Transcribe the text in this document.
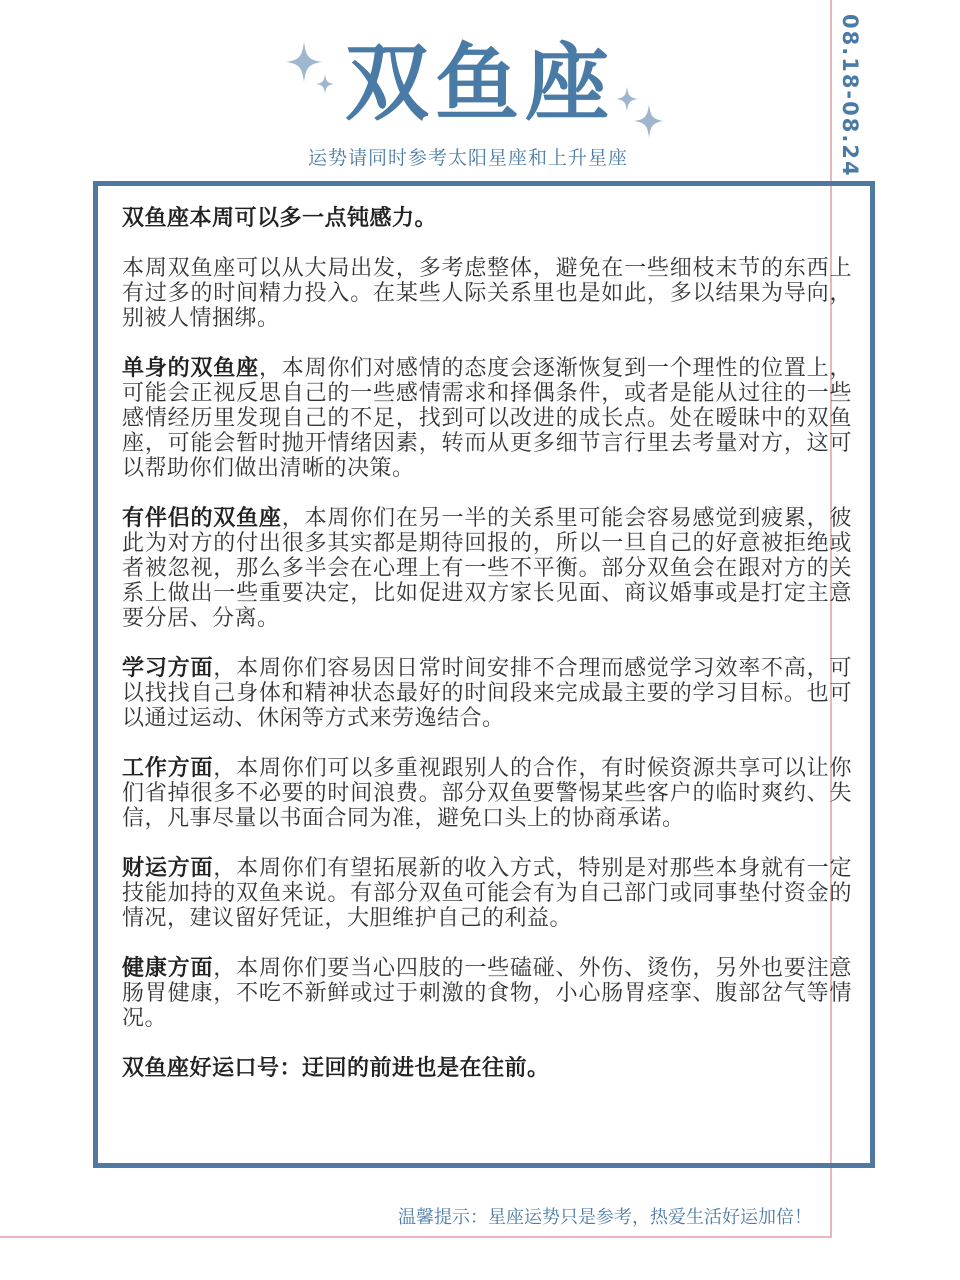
双鱼座
运势请同时参考太阳星座和上升星座	08.18-08.24

双鱼座本周可以多一点钝感力。

本周双鱼座可以从大局出发，多考虑整体，避免在一些细枝末节的东西上有过多的时间精力投入。在某些人际关系里也是如此，多以结果为导向，别被人情捆绑。

单身的双鱼座，本周你们对感情的态度会逐渐恢复到一个理性的位置上，可能会正视反思自己的一些感情需求和择偶条件，或者是能从过往的一些感情经历里发现自己的不足，找到可以改进的成长点。处在暧昧中的双鱼座，可能会暂时抛开情绪因素，转而从更多细节言行里去考量对方，这可以帮助你们做出清晰的决策。

有伴侣的双鱼座，本周你们在另一半的关系里可能会容易感觉到疲累，彼此为对方的付出很多其实都是期待回报的，所以一旦自己的好意被拒绝或者被忽视，那么多半会在心理上有一些不平衡。部分双鱼会在跟对方的关系上做出一些重要决定，比如促进双方家长见面、商议婚事或是打定主意要分居、分离。

学习方面，本周你们容易因日常时间安排不合理而感觉学习效率不高，可以找找自己身体和精神状态最好的时间段来完成最主要的学习目标。也可以通过运动、休闲等方式来劳逸结合。

工作方面，本周你们可以多重视跟别人的合作，有时候资源共享可以让你们省掉很多不必要的时间浪费。部分双鱼要警惕某些客户的临时爽约、失信，凡事尽量以书面合同为准，避免口头上的协商承诺。

财运方面，本周你们有望拓展新的收入方式，特别是对那些本身就有一定技能加持的双鱼来说。有部分双鱼可能会有为自己部门或同事垫付资金的情况，建议留好凭证，大胆维护自己的利益。

健康方面，本周你们要当心四肢的一些磕碰、外伤、烫伤，另外也要注意肠胃健康，不吃不新鲜或过于刺激的食物，小心肠胃痉挛、腹部岔气等情况。

双鱼座好运口号：迂回的前进也是在往前。

温馨提示：星座运势只是参考，热爱生活好运加倍！
